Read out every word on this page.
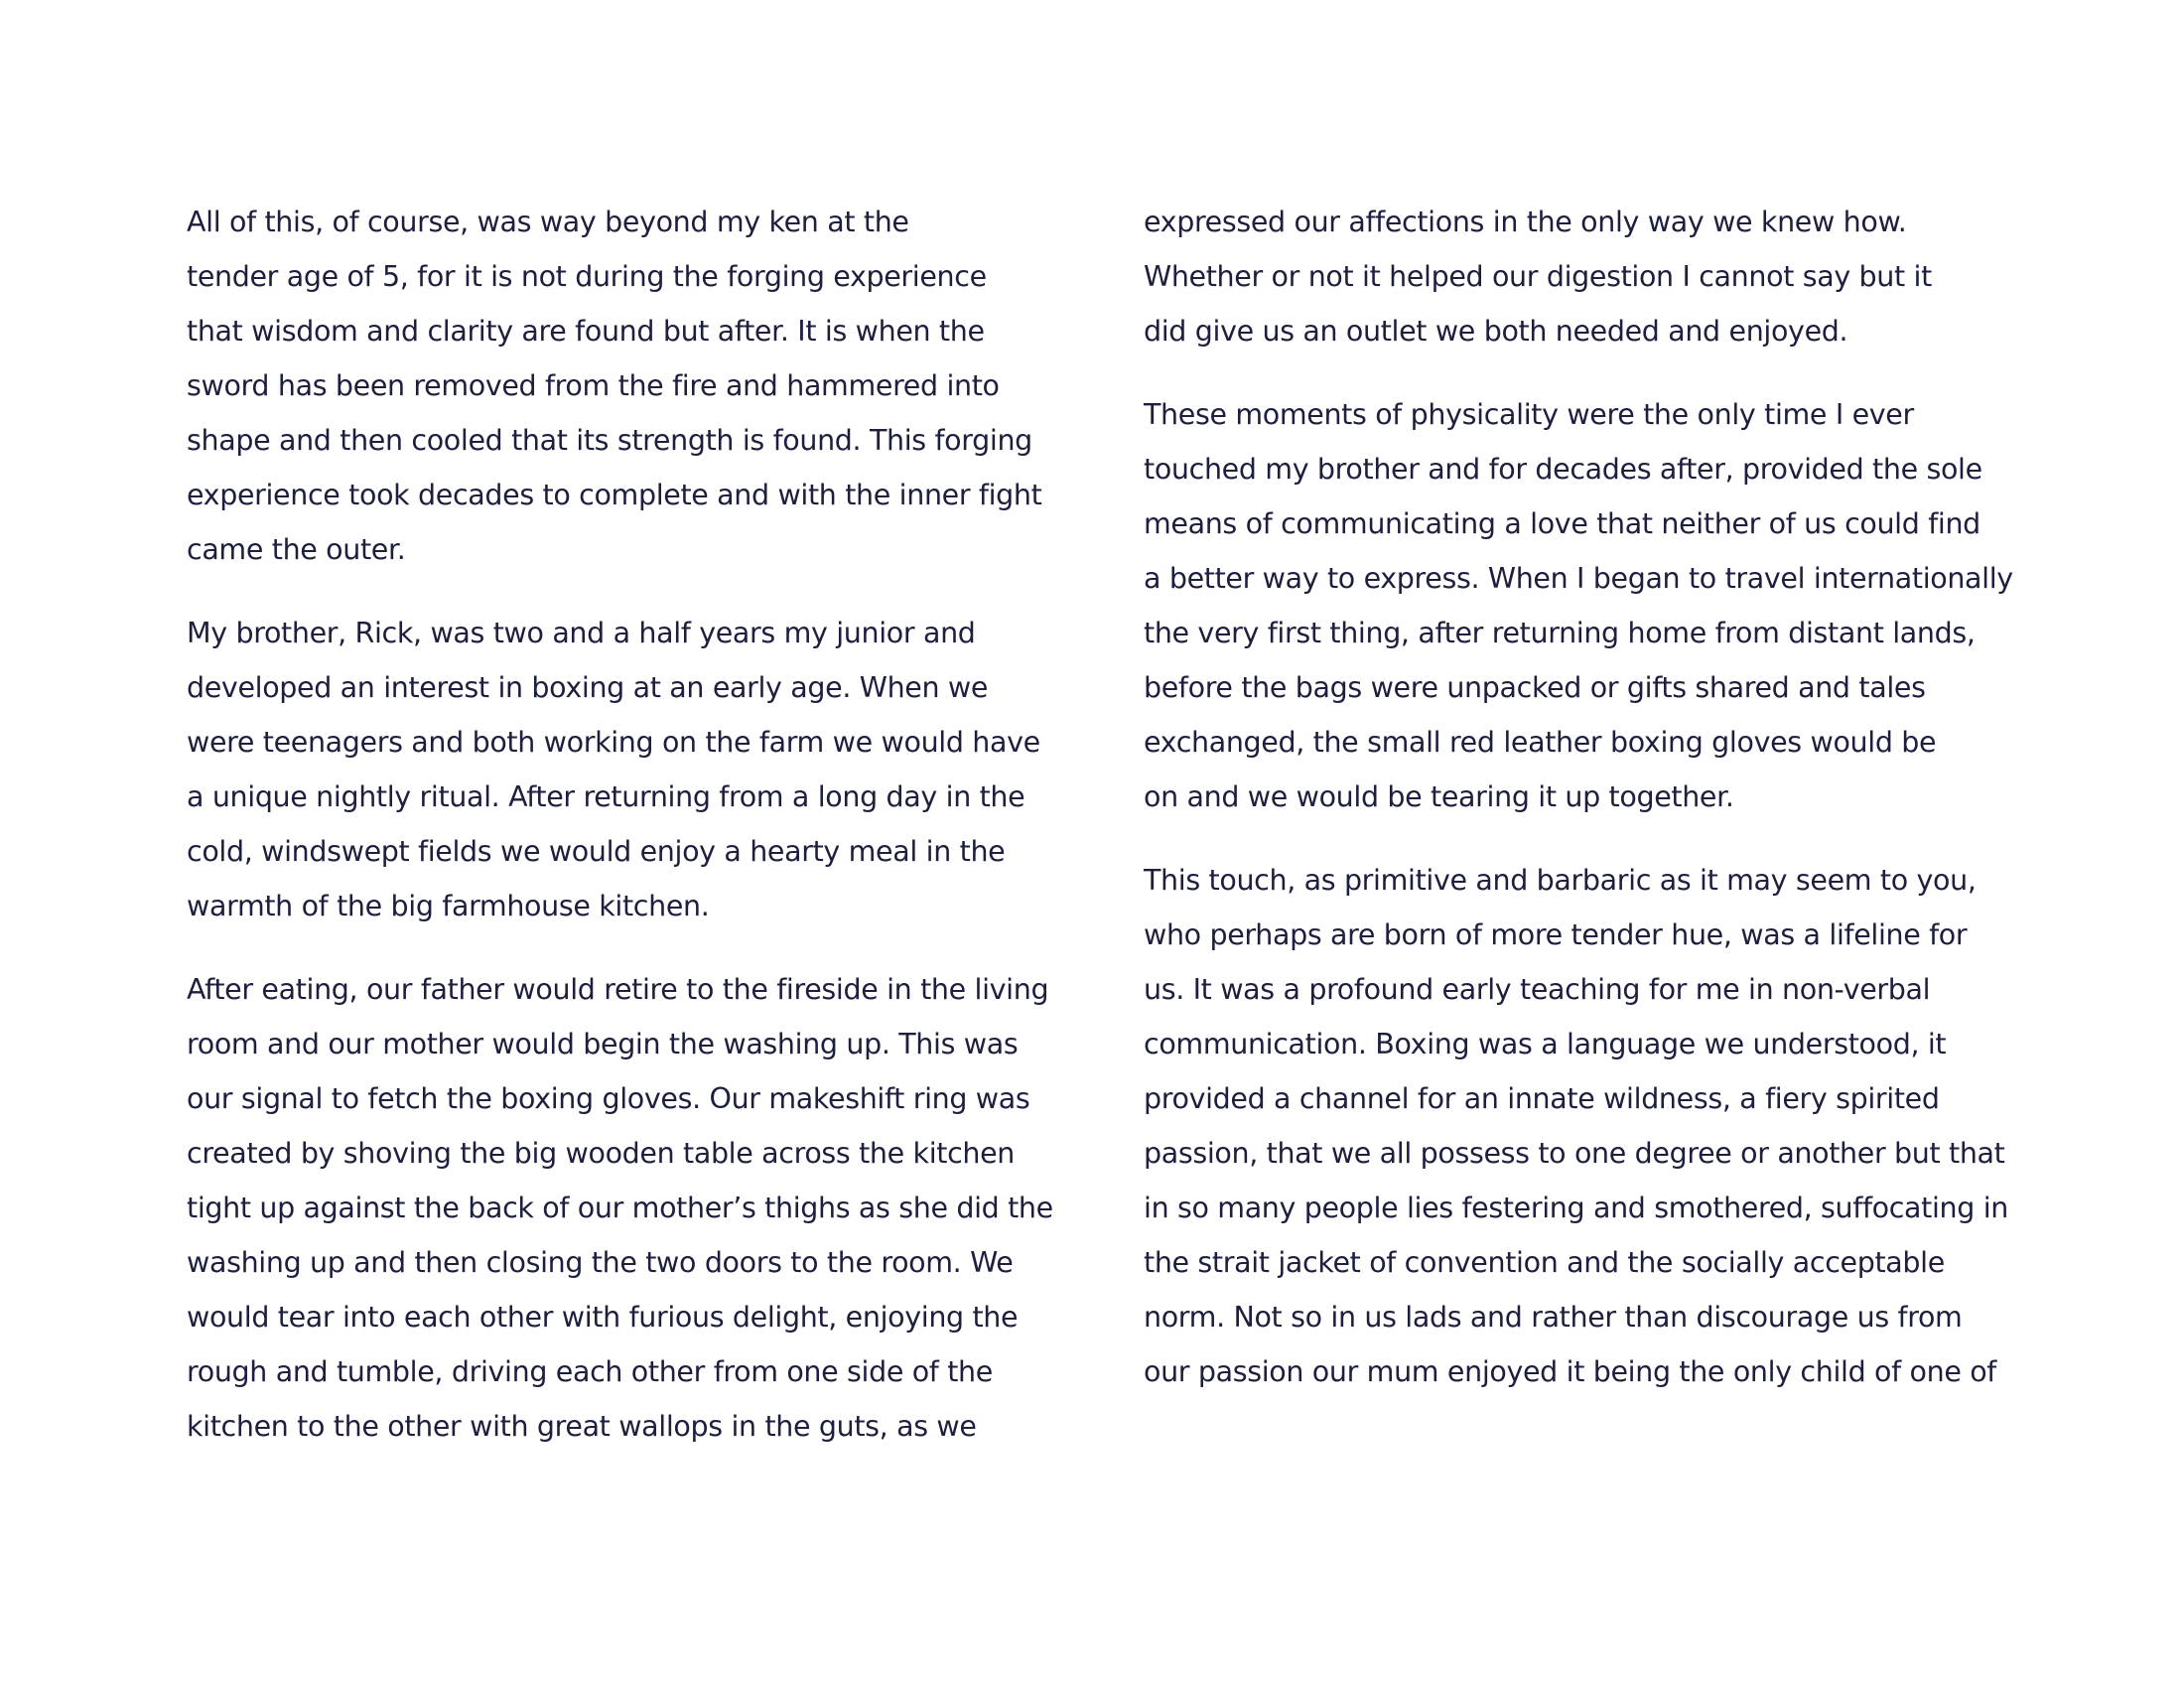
All of this, of course, was way beyond my ken at the
tender age of 5, for it is not during the forging experience
that wisdom and clarity are found but after. It is when the
sword has been removed from the fire and hammered into
shape and then cooled that its strength is found. This forging
experience took decades to complete and with the inner fight
came the outer.

My brother, Rick, was two and a half years my junior and
developed an interest in boxing at an early age. When we
were teenagers and both working on the farm we would have
a unique nightly ritual. After returning from a long day in the
cold, windswept fields we would enjoy a hearty meal in the
warmth of the big farmhouse kitchen.

After eating, our father would retire to the fireside in the living
room and our mother would begin the washing up. This was
our signal to fetch the boxing gloves. Our makeshift ring was
created by shoving the big wooden table across the kitchen
tight up against the back of our mother’s thighs as she did the
washing up and then closing the two doors to the room. We
would tear into each other with furious delight, enjoying the
rough and tumble, driving each other from one side of the
kitchen to the other with great wallops in the guts, as we

expressed our affections in the only way we knew how.
Whether or not it helped our digestion I cannot say but it
did give us an outlet we both needed and enjoyed.

These moments of physicality were the only time I ever
touched my brother and for decades after, provided the sole
means of communicating a love that neither of us could find
a better way to express. When I began to travel internationally
the very first thing, after returning home from distant lands,
before the bags were unpacked or gifts shared and tales
exchanged, the small red leather boxing gloves would be
on and we would be tearing it up together.

This touch, as primitive and barbaric as it may seem to you,
who perhaps are born of more tender hue, was a lifeline for
us. It was a profound early teaching for me in non-verbal
communication. Boxing was a language we understood, it
provided a channel for an innate wildness, a fiery spirited
passion, that we all possess to one degree or another but that
in so many people lies festering and smothered, suffocating in
the strait jacket of convention and the socially acceptable
norm. Not so in us lads and rather than discourage us from
our passion our mum enjoyed it being the only child of one of
